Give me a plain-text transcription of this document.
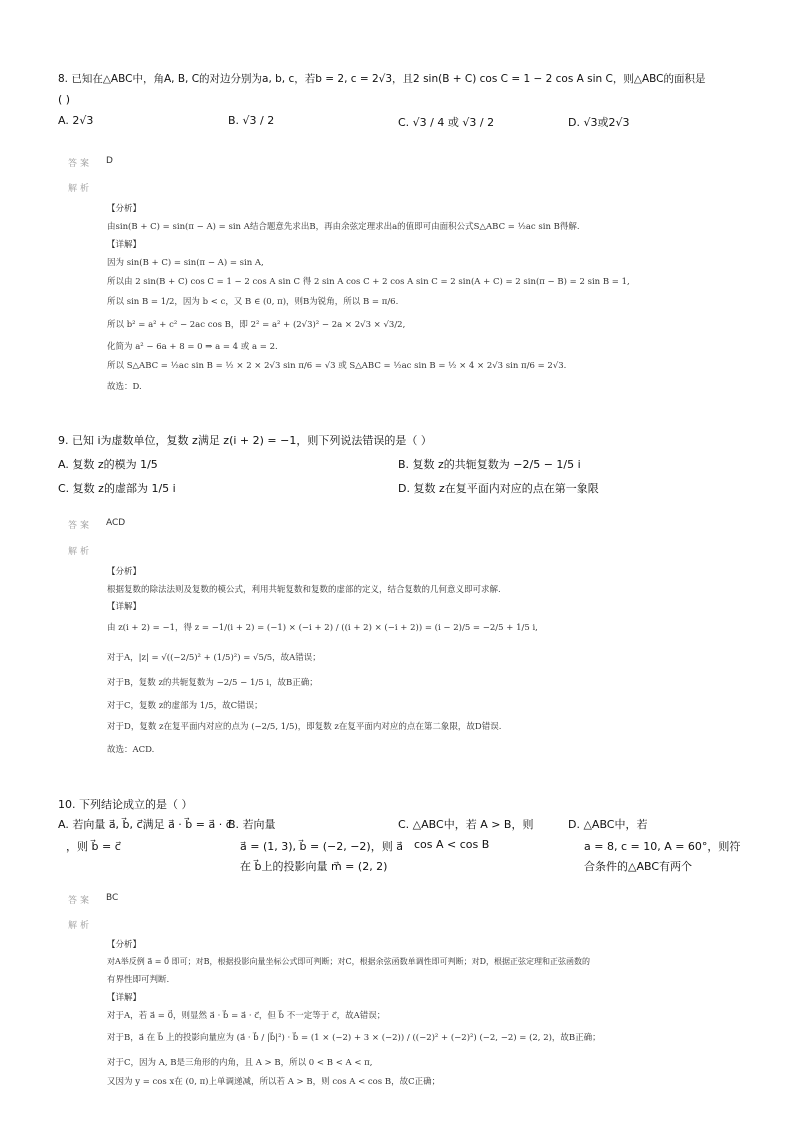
8. 已知在△ABC中，角A, B, C的对边分别为a, b, c，若b = 2, c = 2√3，且2 sin(B + C) cos C = 1 − 2 cos A sin C，则△ABC的面积是
( )
A. 2√3	B. √3 / 2	C. √3 / 4 或 √3 / 2	D. √3或2√3
答案 D
解析
【分析】
由sin(B + C) = sin(π − A) = sin A结合题意先求出B，再由余弦定理求出a的值即可由面积公式S△ABC = ½ac sin B得解.
【详解】
因为 sin(B + C) = sin(π − A) = sin A,
所以由 2 sin(B + C) cos C = 1 − 2 cos A sin C 得 2 sin A cos C + 2 cos A sin C = 2 sin(A + C) = 2 sin(π − B) = 2 sin B = 1,
所以 sin B = 1/2，因为 b < c，又 B ∈ (0, π)，则B为锐角，所以 B = π/6.
所以 b² = a² + c² − 2ac cos B，即 2² = a² + (2√3)² − 2a × 2√3 × √3/2,
化简为 a² − 6a + 8 = 0 ⇒ a = 4 或 a = 2.
所以 S△ABC = ½ac sin B = ½ × 2 × 2√3 sin π/6 = √3 或 S△ABC = ½ac sin B = ½ × 4 × 2√3 sin π/6 = 2√3.
故选：D.
9. 已知 i为虚数单位，复数 z满足 z(i + 2) = −1，则下列说法错误的是（ ）
A. 复数 z的模为 1/5	B. 复数 z的共轭复数为 −2/5 − 1/5 i
C. 复数 z的虚部为 1/5 i	D. 复数 z在复平面内对应的点在第一象限
答案 ACD
解析
【分析】
根据复数的除法法则及复数的模公式，利用共轭复数和复数的虚部的定义，结合复数的几何意义即可求解.
【详解】
由 z(i + 2) = −1，得 z = −1/(i + 2) = (−1) × (−i + 2) / ((i + 2) × (−i + 2)) = (i − 2)/5 = −2/5 + 1/5 i,
对于A，|z| = √((−2/5)² + (1/5)²) = √5/5，故A错误；
对于B，复数 z的共轭复数为 −2/5 − 1/5 i，故B正确；
对于C，复数 z的虚部为 1/5，故C错误；
对于D，复数 z在复平面内对应的点为 (−2/5, 1/5)，即复数 z在复平面内对应的点在第二象限，故D错误.
故选：ACD.
10. 下列结论成立的是（ ）
A. 若向量 a⃗, b⃗, c⃗满足 a⃗ · b⃗ = a⃗ · c⃗
，则 b⃗ = c⃗
B. 若向量
a⃗ = (1, 3), b⃗ = (−2, −2)，则 a⃗
在 b⃗上的投影向量 m⃗ = (2, 2)
C. △ABC中，若 A > B，则
cos A < cos B
D. △ABC中，若
a = 8, c = 10, A = 60°，则符
合条件的△ABC有两个
答案 BC
解析
【分析】
对A举反例 a⃗ = 0⃗ 即可；对B，根据投影向量坐标公式即可判断；对C，根据余弦函数单调性即可判断；对D，根据正弦定理和正弦函数的
有界性即可判断.
【详解】
对于A，若 a⃗ = 0⃗，则显然 a⃗ · b⃗ = a⃗ · c⃗，但 b⃗ 不一定等于 c⃗，故A错误；
对于B，a⃗ 在 b⃗ 上的投影向量应为 (a⃗ · b⃗ / |b⃗|²) · b⃗ = (1 × (−2) + 3 × (−2)) / ((−2)² + (−2)²) (−2, −2) = (2, 2)，故B正确；
对于C，因为 A, B是三角形的内角，且 A > B，所以 0 < B < A < π,
又因为 y = cos x在 (0, π)上单调递减，所以若 A > B，则 cos A < cos B，故C正确；
